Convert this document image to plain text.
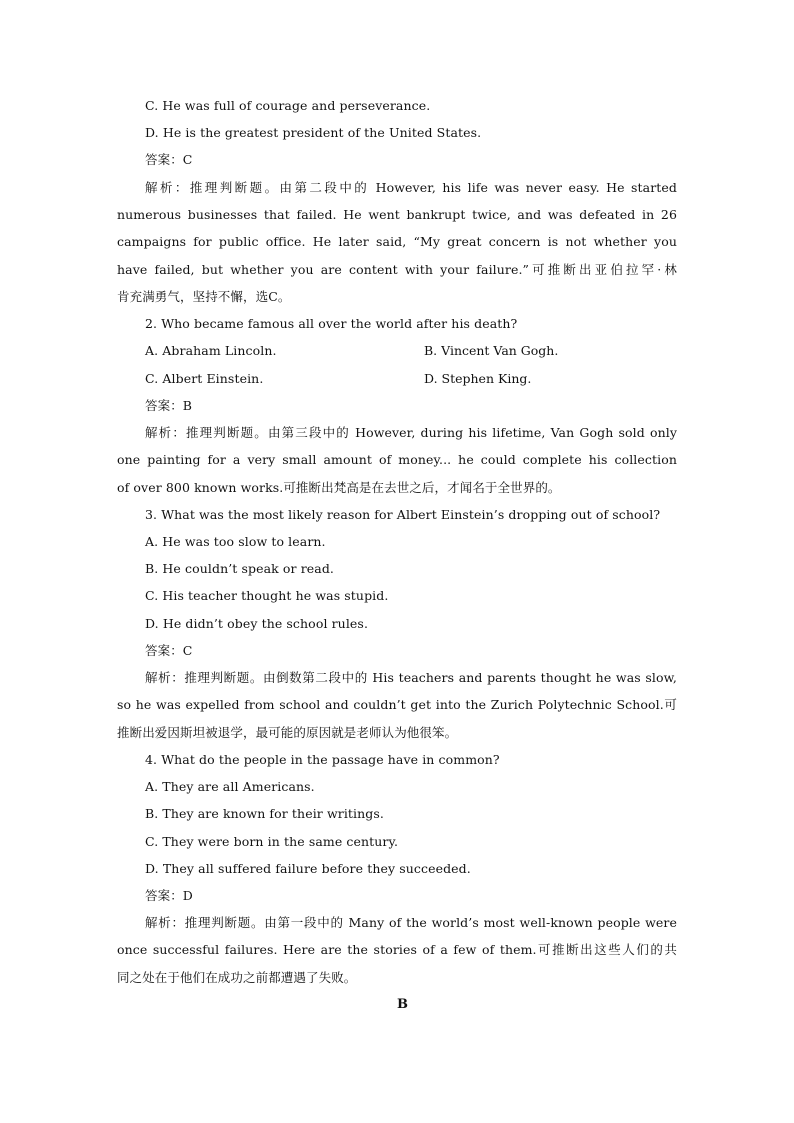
C. He was full of courage and perseverance.
D. He is the greatest president of the United States.
答案：C
解析：推理判断题。由第二段中的 However, his life was never easy. He started
numerous businesses that failed. He went bankrupt twice, and was defeated in 26
campaigns for public office. He later said, “My great concern is not whether you
have failed, but whether you are content with your failure.”可推断出亚伯拉罕·林
肯充满勇气，坚持不懈，选C。
2. Who became famous all over the world after his death?
A. Abraham Lincoln.	B. Vincent Van Gogh.
C. Albert Einstein.	D. Stephen King.
答案：B
解析：推理判断题。由第三段中的 However, during his lifetime, Van Gogh sold only
one painting for a very small amount of money... he could complete his collection
of over 800 known works.可推断出梵高是在去世之后，才闻名于全世界的。
3. What was the most likely reason for Albert Einstein’s dropping out of school?
A. He was too slow to learn.
B. He couldn’t speak or read.
C. His teacher thought he was stupid.
D. He didn’t obey the school rules.
答案：C
解析：推理判断题。由倒数第二段中的 His teachers and parents thought he was slow,
so he was expelled from school and couldn’t get into the Zurich Polytechnic School.可
推断出爱因斯坦被退学，最可能的原因就是老师认为他很笨。
4. What do the people in the passage have in common?
A. They are all Americans.
B. They are known for their writings.
C. They were born in the same century.
D. They all suffered failure before they succeeded.
答案：D
解析：推理判断题。由第一段中的 Many of the world’s most well-known people were
once successful failures. Here are the stories of a few of them.可推断出这些人们的共
同之处在于他们在成功之前都遭遇了失败。
B
